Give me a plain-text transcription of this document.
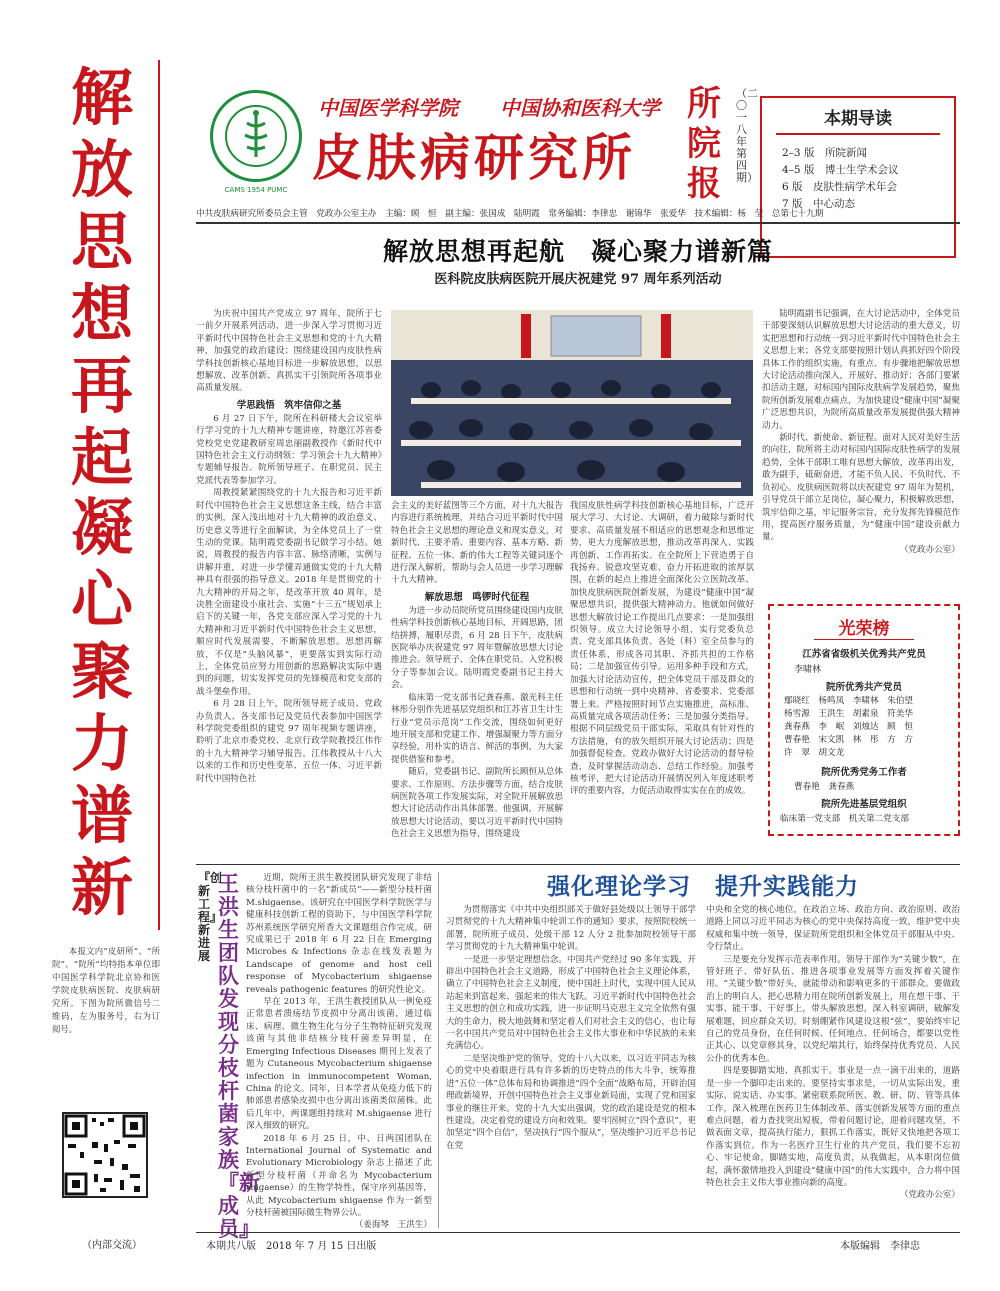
解放思想再起
凝心聚力谱新
本报文内“皮研所”、“所院”、“院所”均特指本单位即中国医学科学院北京协和医学院皮肤病医院、皮肤病研究所。下图为院所微信号二维码，左为服务号，右为订阅号。
（内部交流）
CAMS 1954 PUMC
中国医学科学院 中国协和医科大学
皮肤病研究所
所院报
（二〇一八年第四期）
本期导读
2–3 版　所院新闻
4–5 版　博士生学术会议
6 版　皮肤性病学术年会
7 版　中心动态
中共皮肤病研究所委员会主管　党政办公室主办　主编：顾　恒　副主编：张国成　陆明霞　常务编辑：李律忠　谢锦华　张爱华　技术编辑：杨　莹　总第七十九期
解放思想再起航　凝心聚力谱新篇
医科院皮肤病医院开展庆祝建党 97 周年系列活动

为庆祝中国共产党成立 97 周年，院所于七一前夕开展系列活动，进一步深入学习贯彻习近平新时代中国特色社会主义思想和党的十九大精神，加强党的政治建设；围绕建设国内皮肤性病学科技创新核心基地目标进一步解放思想，以思想解放、改革创新、真抓实干引领院所各项事业高质量发展。

学思践悟　筑牢信仰之基

6 月 27 日下午，院所在科研楼大会议室举行学习党的十九大精神专题讲座，特邀江苏省委党校党史党建教研室周忠丽副教授作《新时代中国特色社会主义行动纲领：学习领会十九大精神》专题辅导报告。院所领导班子、在职党员、民主党派代表等参加学习。

周教授紧紧围绕党的十九大报告和习近平新时代中国特色社会主义思想这条主线，结合丰富的实例，深入浅出地对十九大精神的政治意义、历史意义等进行全面解读，为全体党员上了一堂生动的党课。陆明霞党委副书记做学习小结。她说，周教授的报告内容丰富、脉络清晰，实例与讲解并重，对进一步学懂弄通做实党的十九大精神具有很强的指导意义。2018 年是贯彻党的十九大精神的开局之年，是改革开放 40 周年，是决胜全面建设小康社会、实施“十三五”规划承上启下的关键一年，各党支部应深入学习党的十九大精神和习近平新时代中国特色社会主义思想，顺应时代发展需要，不断解放思想。思想再解放，不仅是“头脑风暴”，更要落实到实际行动上，全体党员应努力用创新的思路解决实际中遇到的问题，切实发挥党员的先锋模范和党支部的战斗堡垒作用。

6 月 28 日上午，院所领导班子成员、党政办负责人、各支部书记及党员代表参加中国医学科学院党委组织的建党 97 周年视频专题讲座，聆听了北京市委党校、北京行政学院教授江伟作的十九大精神学习辅导报告。江伟教授从十八大以来的工作和历史性变革、五位一体、习近平新时代中国特色社

会主义的美好蓝图等三个方面，对十九大报告内容进行系统梳理，并结合习近平新时代中国特色社会主义思想的理论意义和现实意义，对新时代、主要矛盾、重要内容、基本方略、新征程、五位一体、新的伟大工程等关键词逐个进行深入解析，帮助与会人员进一步学习理解十九大精神。

解放思想　鸣锣时代征程

为进一步动员院所党员围绕建设国内皮肤性病学科技创新核心基地目标，开阔思路，团结拼搏，履职尽责，6 月 28 日下午，皮肤病医院举办庆祝建党 97 周年暨解放思想大讨论推进会。领导班子、全体在职党员、入党积极分子等参加会议。陆明霞党委副书记主持大会。

临床第一党支部书记龚春燕、激光科主任林彤分别作先进基层党组织和江苏省卫生计生行业“党员示范岗”工作交流，围绕如何更好地开展支部和党建工作、增强凝聚力等方面分享经验，用朴实的语言、鲜活的事例，为大家提供借鉴和参考。

随后，党委副书记、副院所长顾恒从总体要求、工作原则、方法步骤等方面，结合皮肤病医院各项工作发展实际，对全院开展解放思想大讨论活动作出具体部署。他强调，开展解放思想大讨论活动，要以习近平新时代中国特色社会主义思想为指导，围绕建设

我国皮肤性病学科技创新核心基地目标，广泛开展大学习、大讨论、大调研，着力破除与新时代要求、高质量发展不相适应的思想观念和思维定势，更大力度解放思想，推动改革再深入、实践再创新、工作再拓实。在全院所上下营造勇于自我扬弃、锐意攻坚克难、奋力开拓进取的浓厚氛围，在新的起点上推进全面深化公立医院改革、加快皮肤病医院创新发展，为建设“健康中国”凝聚思想共识，提供强大精神动力。他就如何做好思想大解放讨论工作提出几点要求：一是加强组织领导。成立大讨论领导小组，实行党委负总责、党支部具体负责、各处（科）室全员参与的责任体系，形成各司其职、齐抓共担的工作格局；二是加强宣传引导。运用多种手段和方式，加强大讨论活动宣传，把全体党员干部及群众的思想和行动统一到中央精神、省委要求、党委部署上来。严格按照时间节点实施推进，高标准、高质量完成各项活动任务；三是加强分类指导。根据不同层级党员干部实际，采取具有针对性的方法措施，有的放矢组织开展大讨论活动；四是加强督促检查。党政办做好大讨论活动的督导检查，及时掌握活动动态、总结工作经验。加强考核考评，把大讨论活动开展情况列入年度述职考评的重要内容，力促活动取得实实在在的成效。

陆明霞副书记强调，在大讨论活动中，全体党员干部要深刻认识解放思想大讨论活动的重大意义，切实把思想和行动统一到习近平新时代中国特色社会主义思想上来；各党支部要按照计划认真抓好四个阶段具体工作的组织实施，有重点、有步骤地把解放思想大讨论活动推向深入，开展好、推动好；各部门要紧扣活动主题，对标国内国际皮肤病学发展趋势，聚焦院所创新发展难点痛点，为加快建设“健康中国”凝聚广泛思想共识，为院所高质量改革发展提供强大精神动力。

新时代、新使命、新征程。面对人民对美好生活的向往，院所将主动对标国内国际皮肤性病学的发展趋势，全体干部职工唯有思想大解放，改革再出发，敢为副手，砥砺奋进，才能不负人民、不负时代、不负初心。皮肤病医院将以庆祝建党 97 周年为契机，引导党员干部立足岗位，凝心聚力，积极解放思想，筑牢信仰之基，牢记服务宗旨，充分发挥先锋模范作用，提高医疗服务质量，为“健康中国”建设贡献力量。

（党政办公室）

光荣榜
江苏省省级机关优秀共产党员
李啸林
院所优秀共产党员
鄢晓红　杨鸣凤　李啸林　朱伯望
杨雪源　王洪生　胡素泉　符美华
龚春燕　李　岷　刘烛达　顾　恒
曹春艳　宋文凯　林　彤　方　方
许　翠　胡文龙
院所优秀党务工作者
曹春艳　龚春燕
院所先进基层党组织
临床第一党支部　机关第二党支部
『创新工程』新进展
王洪生团队发现分枝杆菌家族『新成员』

近期，院所王洪生教授团队研究发现了非结核分枝杆菌中的一名“新成员”——新型分枝杆菌 M.shigaense。该研究在中国医学科学院医学与健康科技创新工程的资助下，与中国医学科学院苏州系统医学研究所香大文课题组合作完成，研究成果已于 2018 年 6 月 22 日在 Emerging Microbes & Infections 杂志在线发表题为 Landscape of genome and host cell response of Mycobacterium shigaense reveals pathogenic features 的研究性论文。

早在 2013 年，王洪生教授团队从一例免疫正常患者溃疡结节皮损中分离出该菌，通过临床、病理、微生物生化与分子生物特征研究发现该菌与其他非结核分枝杆菌差异明显，在 Emerging Infectious Diseases 期刊上发表了题为 Cutaneous Mycobacterium shigaense infection in immunocompetent Woman, China 的论文。同年，日本学者从免疫力低下的肺部患者感染皮损中也分离出该菌类似菌株。此后几年中，两课题组持续对 M.shigaense 进行深入细致的研究。

2018 年 6 月 25 日，中、日两国团队在 International Journal of Systematic and Evolutionary Microbiology 杂志上描述了此新型分枝杆菌（并命名为 Mycobacterium shigaense）的生物学特性，保守序列基因等，从此 Mycobacterium shigaense 作为一新型分枝杆菌被国际微生物界公认。

（姜海琴　王洪生）

强化理论学习　提升实践能力

为贯彻落实《中共中央组织部关于做好县处级以上领导干部学习贯彻党的十九大精神集中轮训工作的通知》要求，按照院校统一部署，院所班子成员、处级干部 12 人分 2 批参加院校领导干部学习贯彻党的十九大精神集中轮训。

一是进一步坚定理想信念。中国共产党经过 90 多年实践，开辟出中国特色社会主义道路，形成了中国特色社会主义理论体系，确立了中国特色社会主义制度，使中国赶上时代，实现中国人民从站起来到富起来、强起来的伟大飞跃。习近平新时代中国特色社会主义思想的创立和成功实践，进一步证明马克思主义完全依然有强大的生命力，极大地鼓舞和坚定着人们对社会主义的信心，也让每一名中国共产党员对中国特色社会主义伟大事业和中华民族的未来充满信心。

二是坚决维护党的领导。党的十八大以来，以习近平同志为核心的党中央着眼进行具有许多新的历史特点的伟大斗争，统筹推进“五位一体”总体布局和协调推进“四个全面”战略布局，开辟治国理政新境界，开创中国特色社会主义事业新局面，实现了党和国家事业的继往开来。党的十九大实出强调，党的政治建设是党的根本性建设，决定着党的建设方向和效果。要牢固树立“四个意识”，更加坚定“四个自信”，坚决执行“四个服从”，坚决维护习近平总书记在党

中央和全党的核心地位，在政治立场、政治方向、政治原则、政治道路上同以习近平同志为核心的党中央保持高度一致，维护党中央权威和集中统一领导，保证院所党组织和全体党员干部服从中央、令行禁止。

三是要充分发挥示范表率作用。领导干部作为“关键少数”，在管好班子、带好队伍、推进各项事业发展等方面发挥着关键作用。“关键少数”带好头，就能带动和影响更多的干部群众。要做政治上的明白人，把心思精力用在院所创新发展上，用在想干事、干实事、能干事、干好事上，带头解放思想，深入科室调研，破解发展难题，回应群众关切。时刻绷紧作风建设这根“弦”，要始终牢记自己的党员身份，在任何时候、任何地点、任何场合，都要以党性正其心、以党章修其身，以党纪端其行，始终保持优秀党员、人民公仆的优秀本色。

四是要脚踏实地、真抓实干。事业是一点一滴干出来的，道路是一步一个脚印走出来的。要坚持实事求是，一切从实际出发，重实际、说实话、办实事。紧密联系院所医、教、研、防、管等具体工作，深入梳理在医药卫生体制改革、落实创新发展等方面的重点难点问题，着力查找突出短板，带着问题讨论，迎着问题攻坚，不做表面文章，提高执行能力，狠抓工作落实，既好又快地把各项工作落实到位。作为一名医疗卫生行业的共产党员，我们要不忘初心、牢记使命，脚踏实地，高度负责，从我做起，从本职岗位做起，满怀激情地投入到建设“健康中国”的伟大实践中，合力将中国特色社会主义伟大事业推向新的高度。

（党政办公室）

本期共八版　2018 年 7 月 15 日出版	本版编辑　李律忠
